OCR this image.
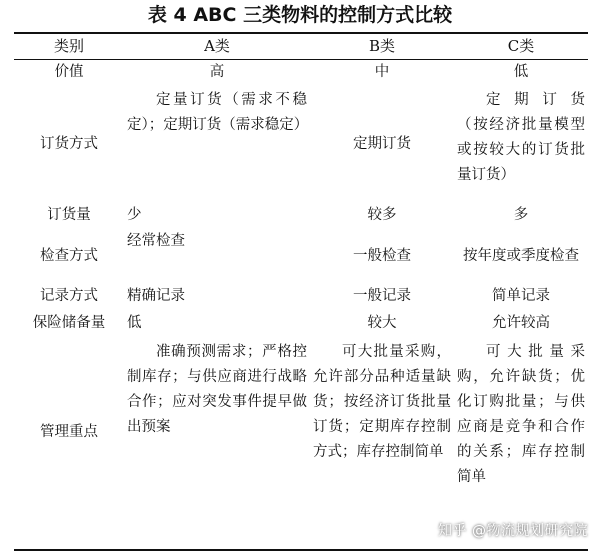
表 4 ABC 三类物料的控制方式比较
类别	A类	B类	C类
价值	高	中	低
订货方式	定量订货（需求不稳定）；定期订货（需求稳定）	定期订货	定 期 订 货（按经济批量模型或按较大的订货批量订货）
订货量	少	较多	多
检查方式	经常检查	一般检查	按年度或季度检查
记录方式	精确记录	一般记录	简单记录
保险储备量	低	较大	允许较高
管理重点	准确预测需求；严格控制库存；与供应商进行战略合作；应对突发事件提早做出预案	可大批量采购，允许部分品种适量缺货；按经济订货批量订货；定期库存控制方式；库存控制简单	可大批量采购，允许缺货；优化订购批量；与供应商是竞争和合作的关系；库存控制简单
知乎 @物流规划研究院
